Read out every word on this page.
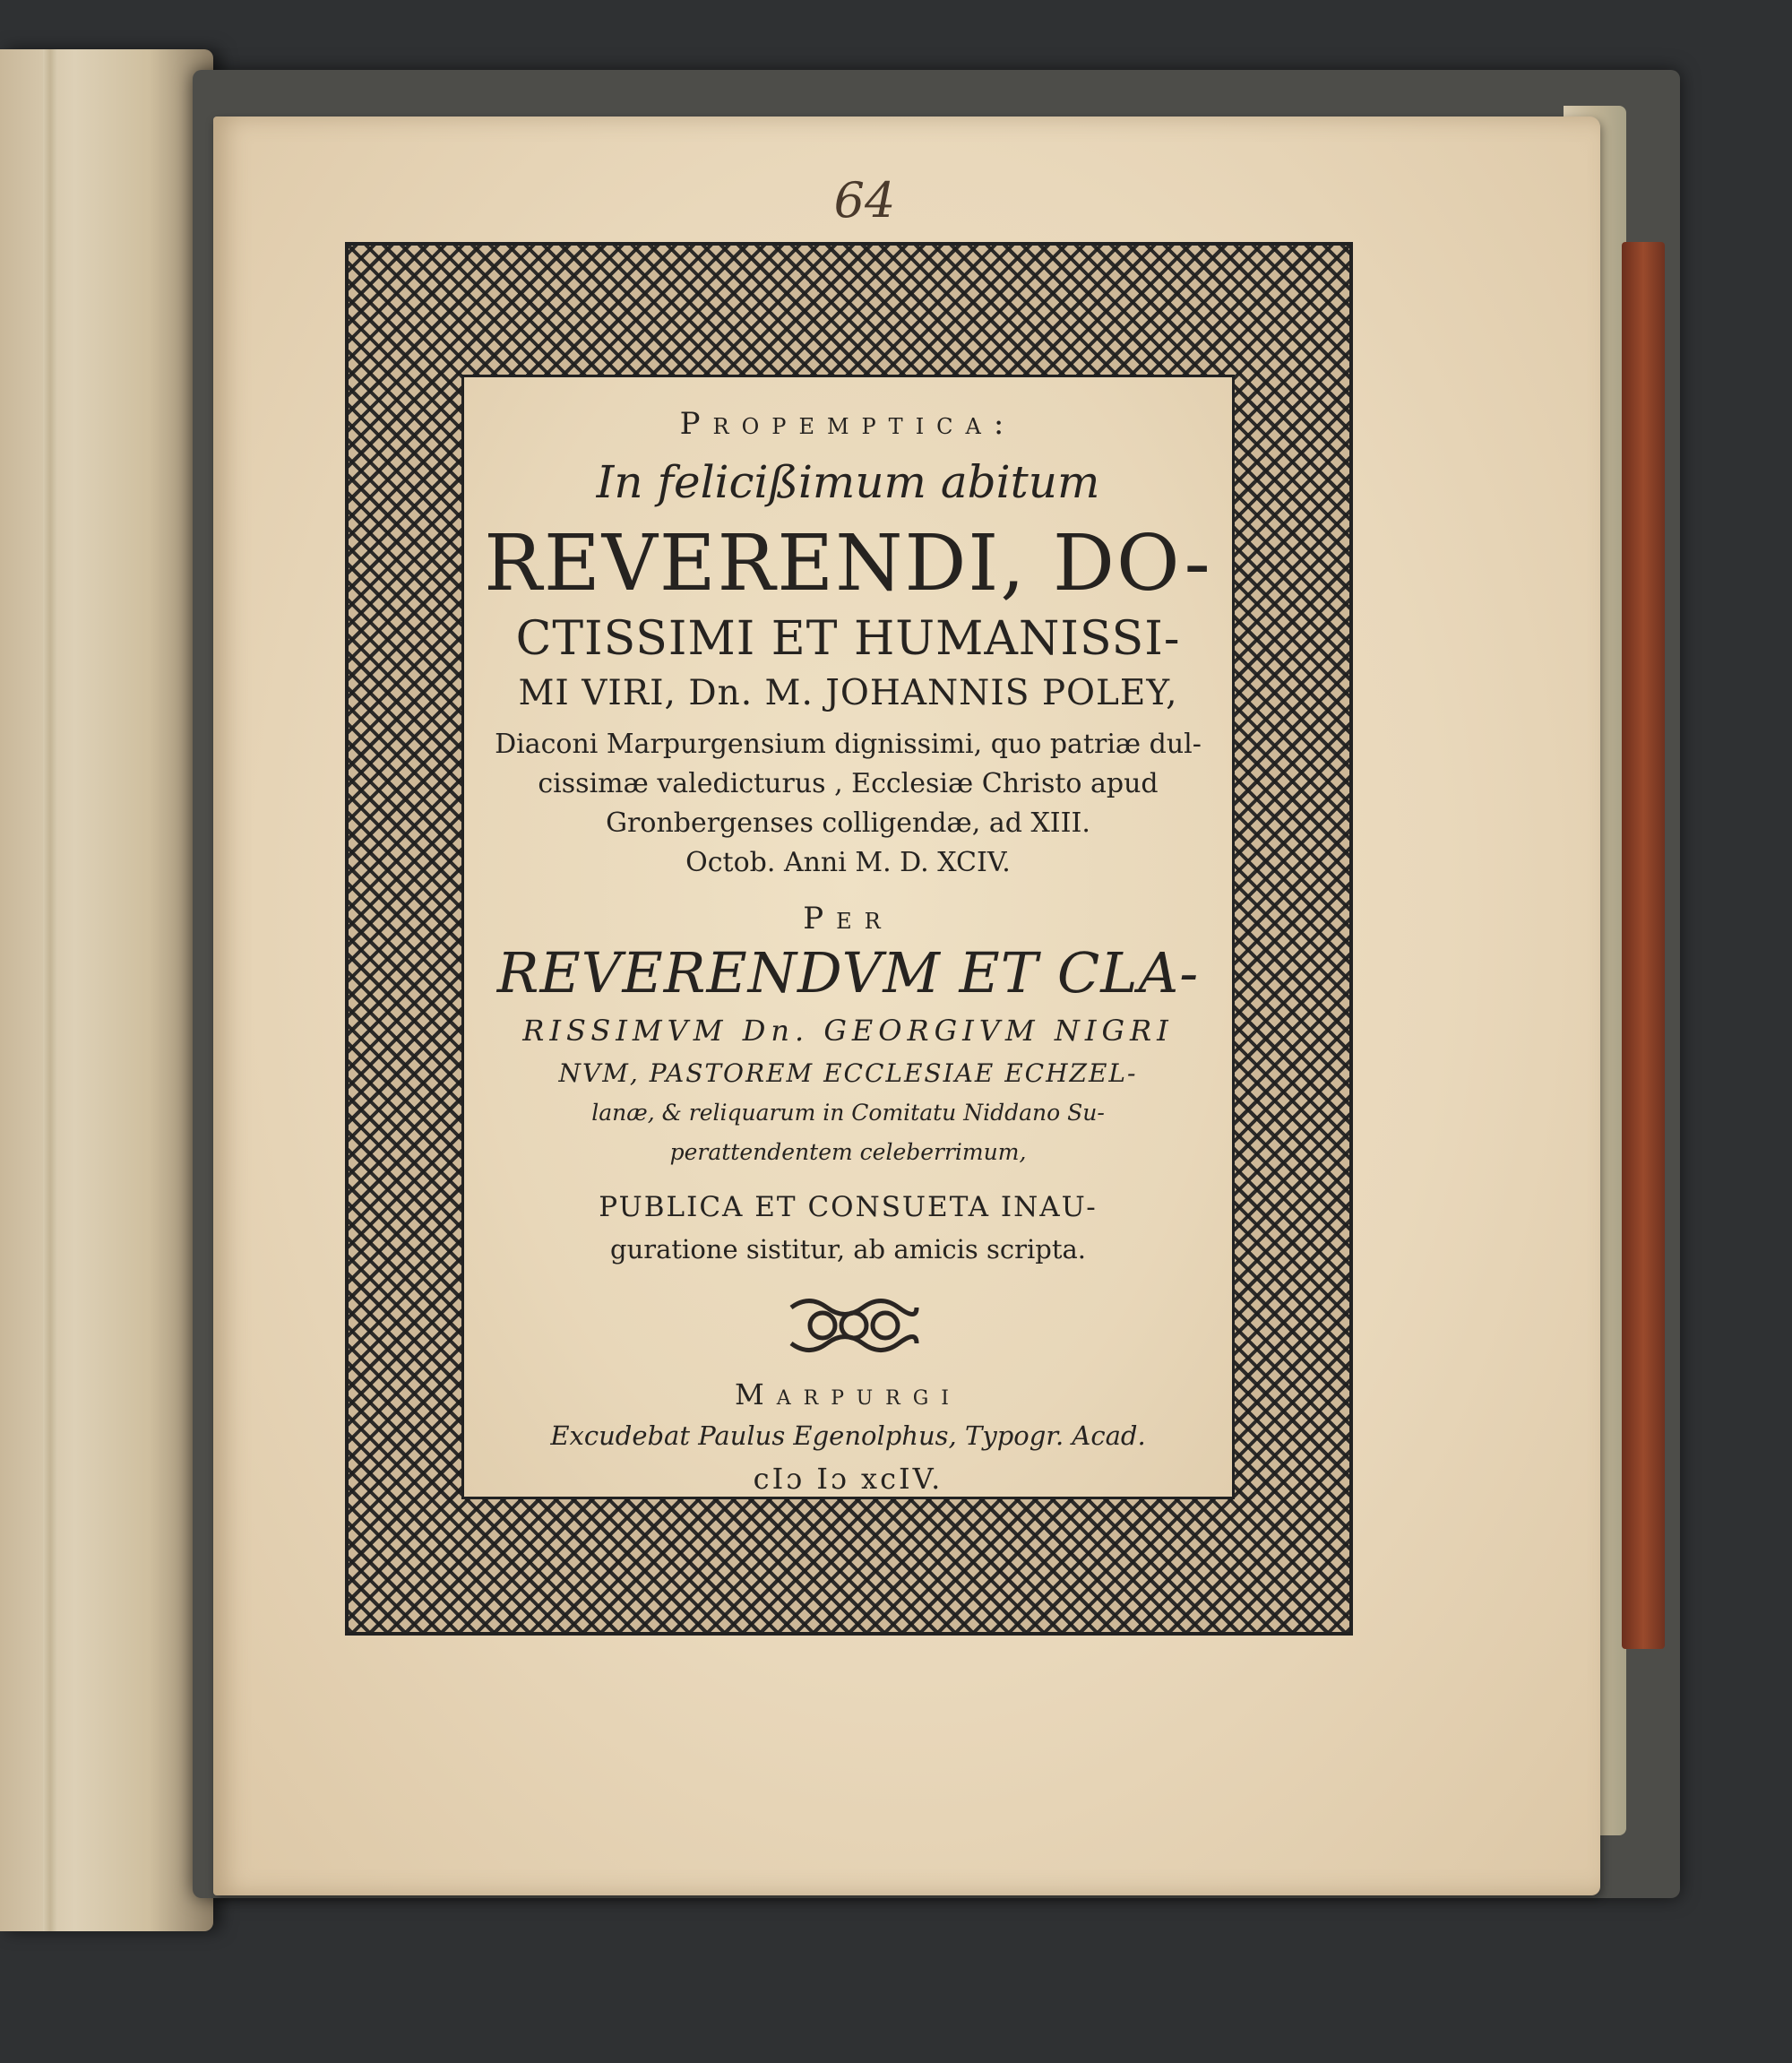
64
Propemptica:
In felicißimum abitum
REVERENDI, DO-
CTISSIMI ET HUMANISSI-
MI VIRI, Dn. M. JOHANNIS POLEY,
Diaconi Marpurgensium dignissimi, quo patriæ dul-
cissimæ valedicturus , Ecclesiæ Christo apud
Gronbergenses colligendæ, ad XIII.
Octob. Anni M. D. XCIV.
Per
REVERENDVM ET CLA-
RISSIMVM Dn. GEORGIVM NIGRI
NVM, PASTOREM ECCLESIAE ECHZEL-
lanæ, & reliquarum in Comitatu Niddano Su-
perattendentem celeberrimum,
PUBLICA ET CONSUETA INAU-
guratione sistitur, ab amicis scripta.
Marpurgi
Excudebat Paulus Egenolphus, Typogr. Acad.
cIɔ Iɔ xcIV.
